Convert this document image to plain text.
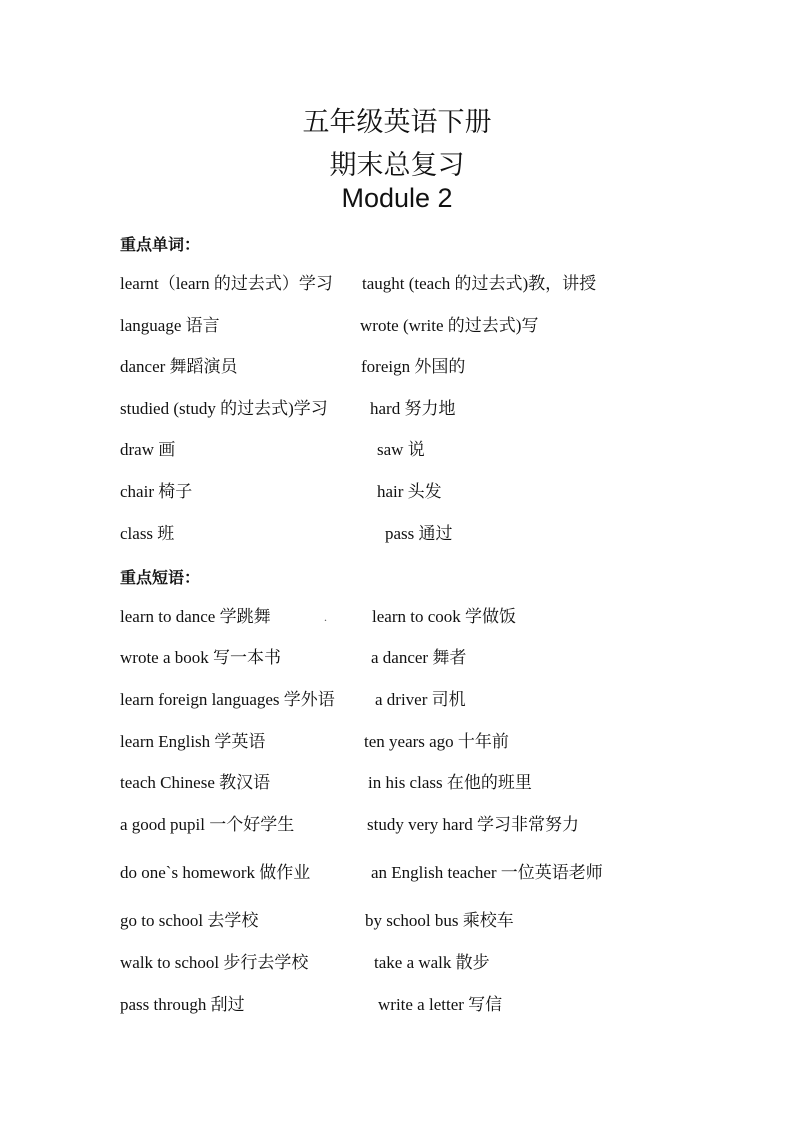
五年级英语下册
期末总复习
Module 2
重点单词：
learnt（learn 的过去式）学习 taught (teach 的过去式)教，讲授
language 语言	wrote (write 的过去式)写
dancer 舞蹈演员	foreign 外国的
studied (study 的过去式)学习 hard 努力地
draw 画	saw 说
chair 椅子	hair 头发
class 班	pass 通过
重点短语：
learn to dance 学跳舞	.	learn to cook 学做饭
wrote a book 写一本书	a dancer 舞者
learn foreign languages 学外语 a driver 司机
learn English 学英语	ten years ago 十年前
teach Chinese 教汉语	in his class 在他的班里
a good pupil 一个好学生	study very hard 学习非常努力
do one`s homework 做作业	an English teacher 一位英语老师
go to school 去学校	by school bus 乘校车
walk to school 步行去学校	take a walk 散步
pass through 刮过	write a letter 写信
